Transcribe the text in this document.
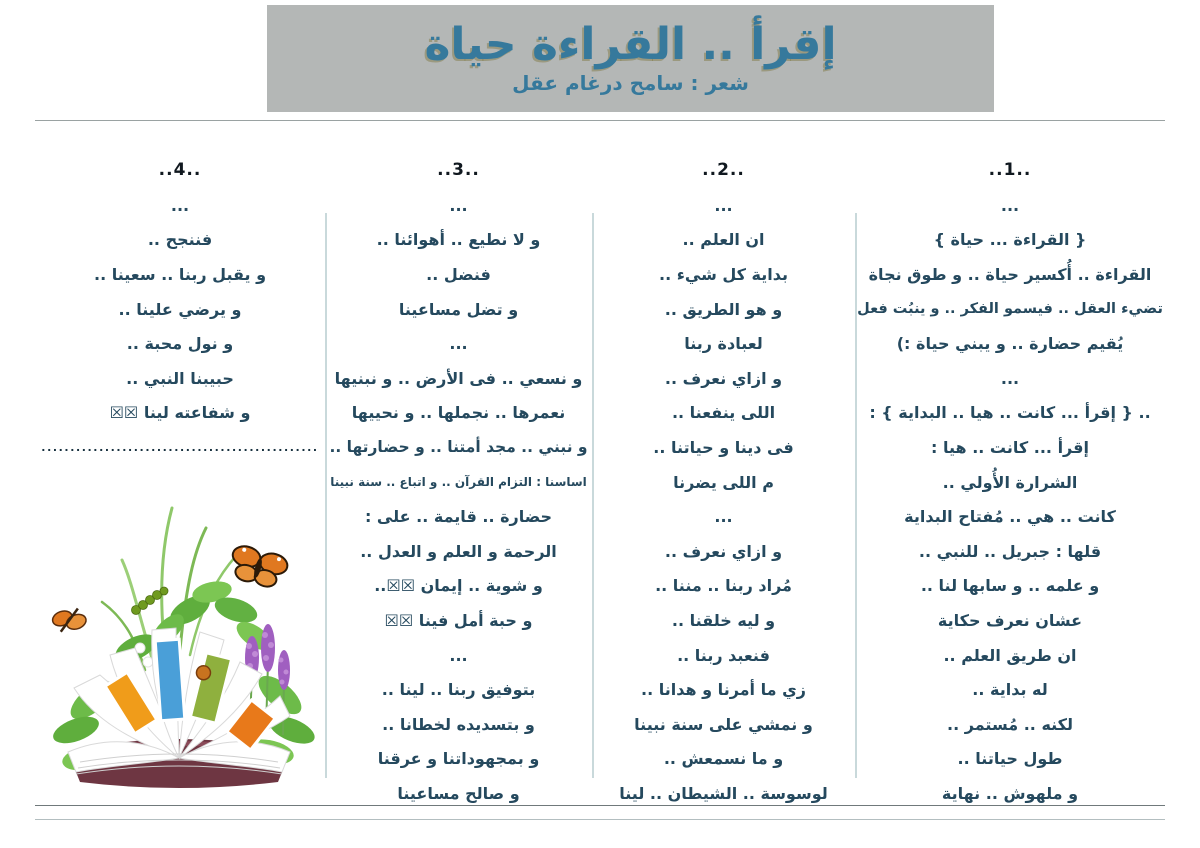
إقرأ .. القراءة حياة
شعر : سامح درغام عقل
..1..
...
{ القراءة ... حياة }
القراءة .. أُكسير حياة .. و طوق نجاة
تضيء العقل .. فيسمو الفكر .. و ينبُت فعل
يُقيم حضارة .. و يبني حياة :)
...
.. { إقرأ ... كانت .. هيا .. البداية } :
إقرأ ... كانت .. هيا :
الشرارة الأُولي ..
كانت .. هي .. مُفتاح البداية
قلها : جبريل .. للنبي ..
و علمه .. و سابها لنا ..
عشان نعرف حكاية
ان طريق العلم ..
له بداية ..
لكنه .. مُستمر ..
طول حياتنا ..
و ملهوش .. نهاية
..2..
...
ان العلم ..
بداية كل شيء ..
و هو الطريق ..
لعبادة ربنا
و ازاي نعرف ..
اللى ينفعنا ..
فى دينا و حياتنا ..
م اللى يضرنا
...
و ازاي نعرف ..
مُراد ربنا .. مننا ..
و ليه خلقنا ..
فنعبد ربنا ..
زي ما أمرنا و هدانا ..
و نمشي على سنة نبينا
و ما نسمعش ..
لوسوسة .. الشيطان .. لينا
..3..
...
و لا نطيع .. أهوائنا ..
فنضل ..
و تضل مساعينا
...
و نسعي .. فى الأرض .. و نبنيها
نعمرها .. نجملها .. و نحييها
و نبني .. مجد أمتنا .. و حضارتها ..
اساسنا : التزام القرآن .. و اتباع .. سنة نبينا
حضارة .. قايمة .. على :
الرحمة و العلم و العدل ..
و شوية .. إيمان ☒☒..
و حبة أمل فينا ☒☒
...
بتوفيق ربنا .. لينا ..
و بتسديده لخطانا ..
و بمجهوداتنا و عرقنا
و صالح مساعينا
..4..
...
فننجح ..
و يقبل ربنا .. سعينا ..
و يرضي علينا ..
و نول محبة ..
حبيبنا النبي ..
و شفاعته لينا ☒☒
................................................
